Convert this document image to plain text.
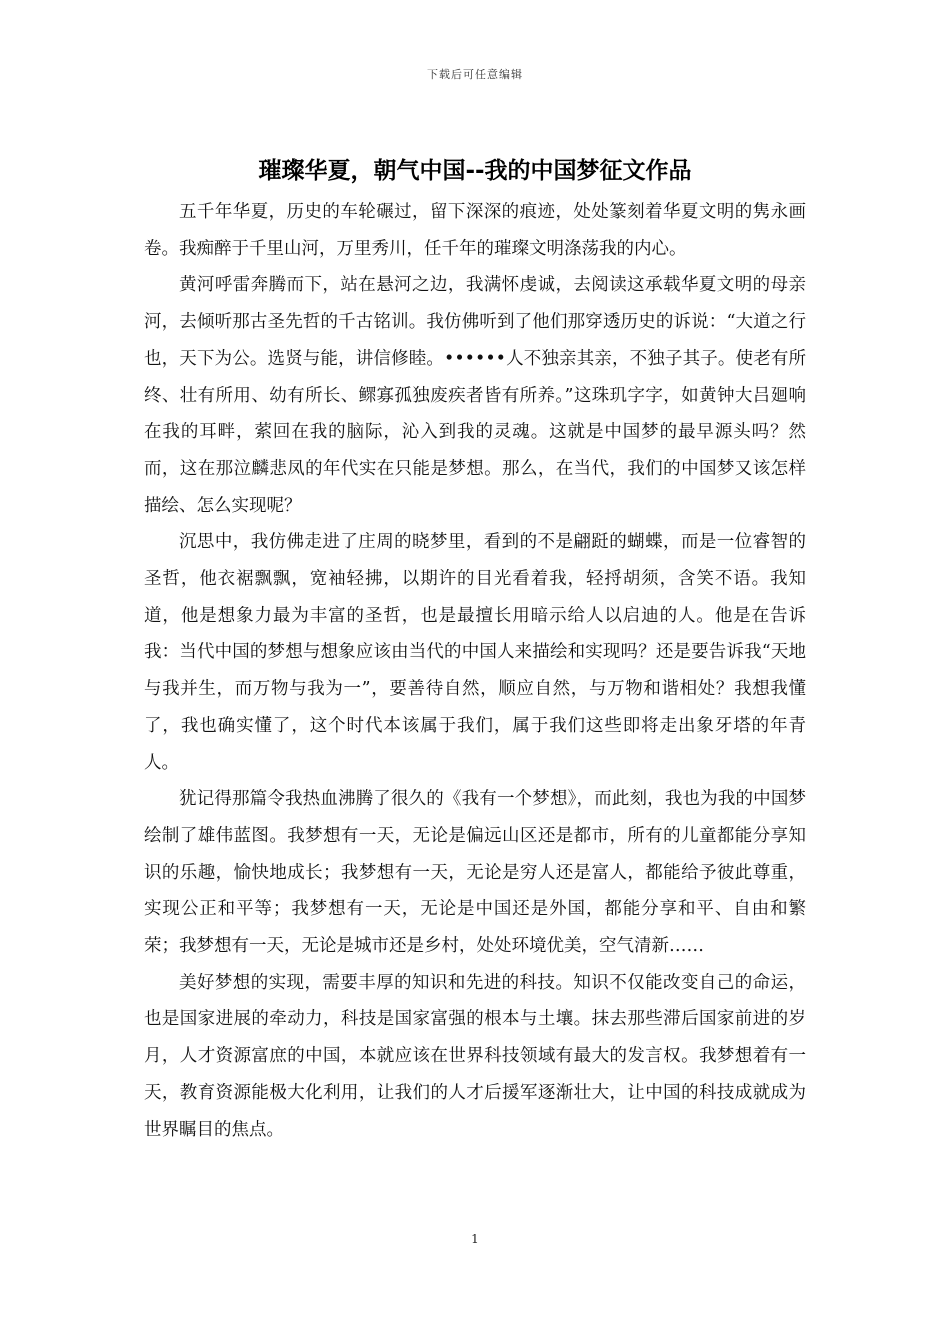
下载后可任意编辑
璀璨华夏，朝气中国--我的中国梦征文作品

五千年华夏，历史的车轮碾过，留下深深的痕迹，处处篆刻着华夏文明的隽永画卷。我痴醉于千里山河，万里秀川，任千年的璀璨文明涤荡我的内心。

黄河呼雷奔腾而下，站在悬河之边，我满怀虔诚，去阅读这承载华夏文明的母亲河，去倾听那古圣先哲的千古铭训。我仿佛听到了他们那穿透历史的诉说：“大道之行也，天下为公。选贤与能，讲信修睦。••••••人不独亲其亲，不独子其子。使老有所终、壮有所用、幼有所长、鳏寡孤独废疾者皆有所养。”这珠玑字字，如黄钟大吕廻响在我的耳畔，萦回在我的脑际，沁入到我的灵魂。这就是中国梦的最早源头吗？然而，这在那泣麟悲凤的年代实在只能是梦想。那么，在当代，我们的中国梦又该怎样描绘、怎么实现呢？

沉思中，我仿佛走进了庄周的晓梦里，看到的不是翩跹的蝴蝶，而是一位睿智的圣哲，他衣裾飘飘，宽袖轻拂，以期许的目光看着我，轻捋胡须，含笑不语。我知道，他是想象力最为丰富的圣哲，也是最擅长用暗示给人以启迪的人。他是在告诉我：当代中国的梦想与想象应该由当代的中国人来描绘和实现吗？还是要告诉我“天地与我并生，而万物与我为一”，要善待自然，顺应自然，与万物和谐相处？我想我懂了，我也确实懂了，这个时代本该属于我们，属于我们这些即将走出象牙塔的年青人。

犹记得那篇令我热血沸腾了很久的《我有一个梦想》，而此刻，我也为我的中国梦绘制了雄伟蓝图。我梦想有一天，无论是偏远山区还是都市，所有的儿童都能分享知识的乐趣，愉快地成长；我梦想有一天，无论是穷人还是富人，都能给予彼此尊重，实现公正和平等；我梦想有一天，无论是中国还是外国，都能分享和平、自由和繁荣；我梦想有一天，无论是城市还是乡村，处处环境优美，空气清新……

美好梦想的实现，需要丰厚的知识和先进的科技。知识不仅能改变自己的命运，也是国家进展的牵动力，科技是国家富强的根本与土壤。抹去那些滞后国家前进的岁月，人才资源富庶的中国，本就应该在世界科技领域有最大的发言权。我梦想着有一天，教育资源能极大化利用，让我们的人才后援军逐渐壮大，让中国的科技成就成为世界瞩目的焦点。

1
